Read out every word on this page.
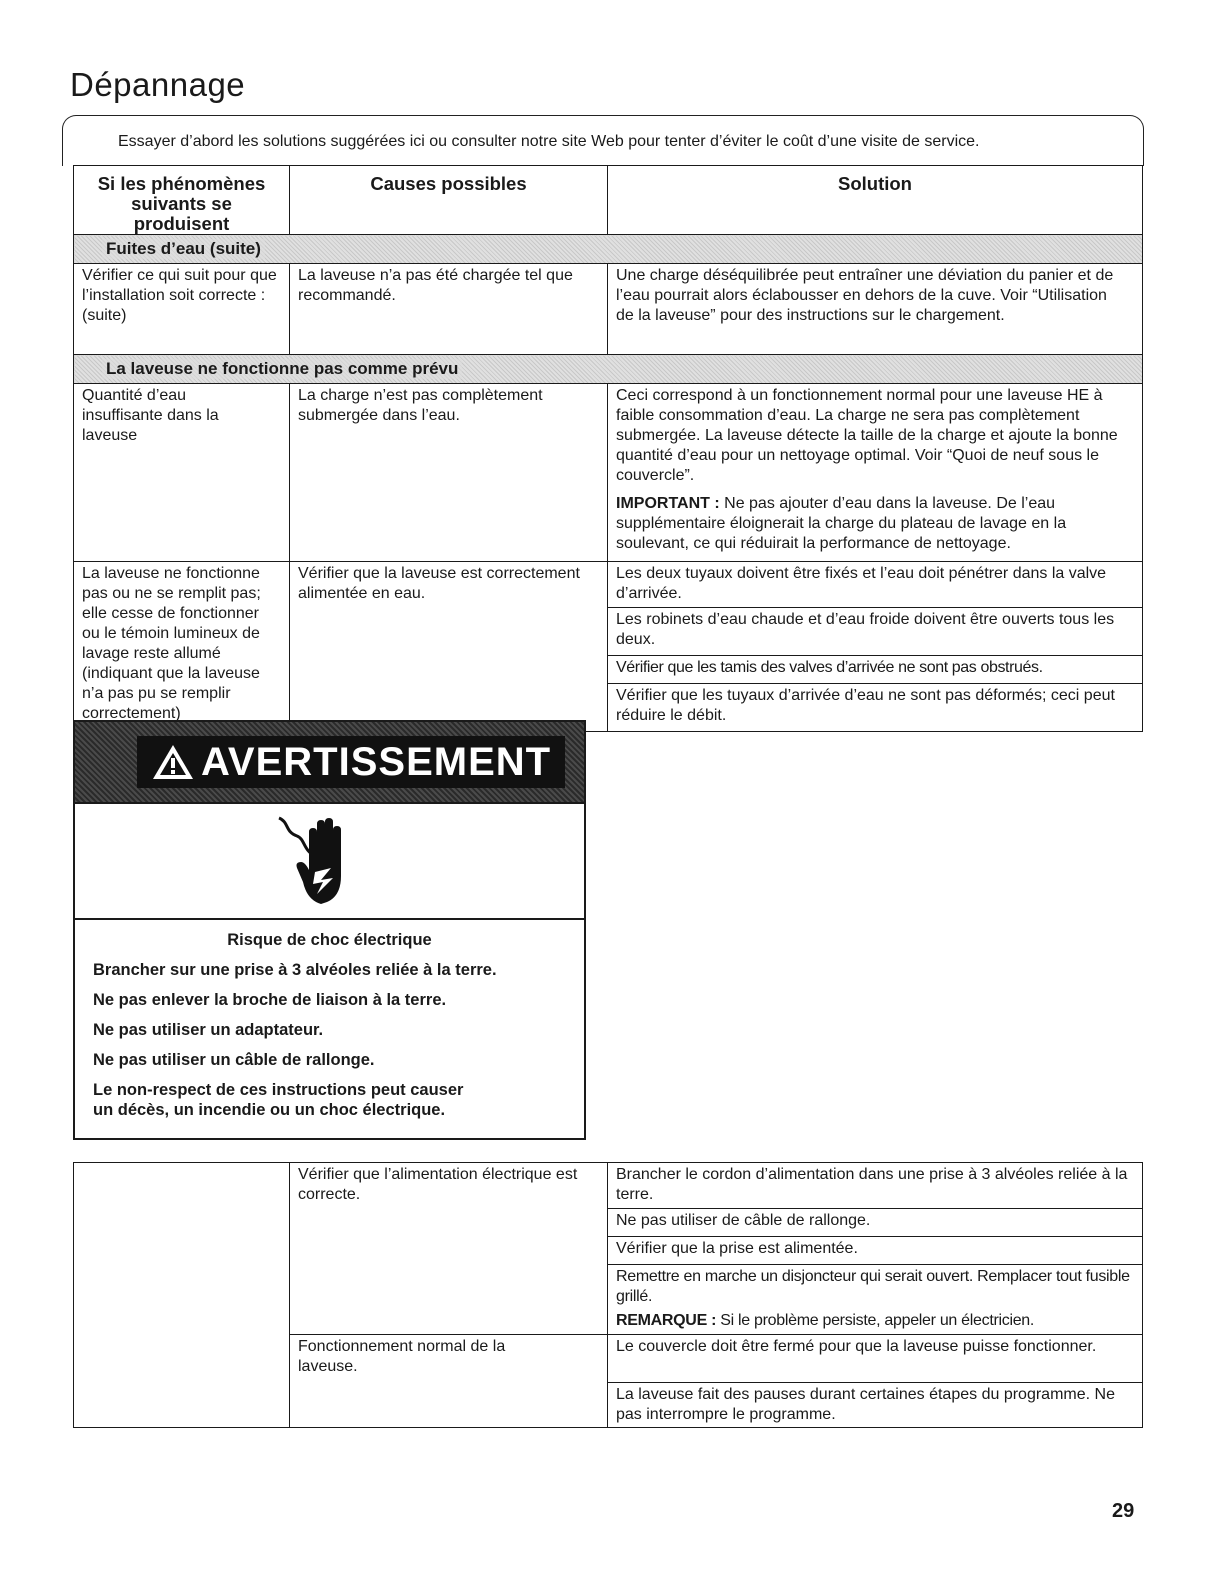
Dépannage
Essayer d’abord les solutions suggérées ici ou consulter notre site Web pour tenter d’éviter le coût d’une visite de service.
Si les phénomènes suivants se produisent	Causes possibles	Solution
Fuites d’eau (suite)		

Vérifier ce qui suit pour que l’installation soit correcte : (suite)	La laveuse n’a pas été chargée tel que recommandé.	Une charge déséquilibrée peut entraîner une déviation du panier et de l’eau pourrait alors éclabousser en dehors de la cuve. Voir “Utilisation de la laveuse” pour des instructions sur le chargement.

La laveuse ne fonctionne pas comme prévu		

Quantité d’eau insuffisante dans la laveuse	La charge n’est pas complètement submergée dans l’eau.	Ceci correspond à un fonctionnement normal pour une laveuse HE à faible consommation d’eau. La charge ne sera pas complètement submergée. La laveuse détecte la taille de la charge et ajoute la bonne quantité d’eau pour un nettoyage optimal. Voir “Quoi de neuf sous le couvercle”.

IMPORTANT : Ne pas ajouter d’eau dans la laveuse. De l’eau supplémentaire éloignerait la charge du plateau de lavage en la soulevant, ce qui réduirait la performance de nettoyage.

La laveuse ne fonctionne pas ou ne se remplit pas; elle cesse de fonctionner ou le témoin lumineux de lavage reste allumé (indiquant que la laveuse n’a pas pu se remplir correctement)	Vérifier que la laveuse est correctement alimentée en eau.	Les deux tuyaux doivent être fixés et l’eau doit pénétrer dans la valve d’arrivée.
Les robinets d’eau chaude et d’eau froide doivent être ouverts tous les deux.
Vérifier que les tamis des valves d’arrivée ne sont pas obstrués.
Vérifier que les tuyaux d’arrivée d’eau ne sont pas déformés; ceci peut réduire le débit.
AVERTISSEMENT

Risque de choc électrique

Brancher sur une prise à 3 alvéoles reliée à la terre.

Ne pas enlever la broche de liaison à la terre.

Ne pas utiliser un adaptateur.

Ne pas utiliser un câble de rallonge.

Le non-respect de ces instructions peut causer un décès, un incendie ou un choc électrique.

	Vérifier que l’alimentation électrique est correcte.	Brancher le cordon d’alimentation dans une prise à 3 alvéoles reliée à la terre.
Ne pas utiliser de câble de rallonge.
Vérifier que la prise est alimentée.

Remettre en marche un disjoncteur qui serait ouvert. Remplacer tout fusible grillé.

REMARQUE : Si le problème persiste, appeler un électricien.

	Fonctionnement normal de la laveuse.	Le couvercle doit être fermé pour que la laveuse puisse fonctionner.
La laveuse fait des pauses durant certaines étapes du programme. Ne pas interrompre le programme.
29
